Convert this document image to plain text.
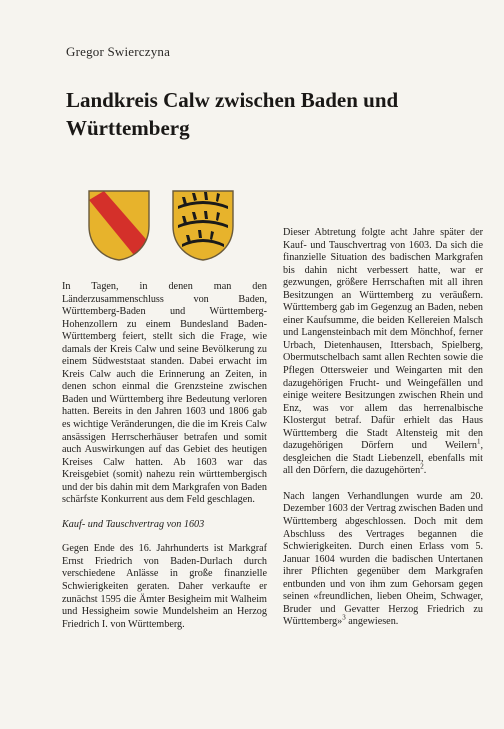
Gregor Swierczyna
Landkreis Calw zwischen Baden und Württemberg

In Tagen, in denen man den Länderzusammenschluss von Baden, Württemberg-Baden und Württemberg-Hohenzollern zu einem Bundesland Baden-Württemberg feiert, stellt sich die Frage, wie damals der Kreis Calw und seine Bevölkerung zu einem Südweststaat standen. Dabei erwacht im Kreis Calw auch die Erinnerung an Zeiten, in denen schon einmal die Grenzsteine zwischen Baden und Württemberg ihre Bedeutung verloren hatten. Bereits in den Jahren 1603 und 1806 gab es wichtige Veränderungen, die die im Kreis Calw ansässigen Herrscherhäuser betrafen und somit auch Auswirkungen auf das Gebiet des heutigen Kreises Calw hatten. Ab 1603 war das Kreisgebiet (somit) nahezu rein württembergisch und der bis dahin mit dem Markgrafen von Baden schärfste Konkurrent aus dem Feld geschlagen.

Kauf- und Tauschvertrag von 1603

Gegen Ende des 16. Jahrhunderts ist Markgraf Ernst Friedrich von Baden-Durlach durch verschiedene Anlässe in große finanzielle Schwierigkeiten geraten. Daher verkaufte er zunächst 1595 die Ämter Besigheim mit Walheim und Hessigheim sowie Mundelsheim an Herzog Friedrich I. von Württemberg.

Dieser Abtretung folgte acht Jahre später der Kauf- und Tauschvertrag von 1603. Da sich die finanzielle Situation des badischen Markgrafen bis dahin nicht verbessert hatte, war er gezwungen, größere Herrschaften mit all ihren Besitzungen an Württemberg zu veräußern. Württemberg gab im Gegenzug an Baden, neben einer Kaufsumme, die beiden Kellereien Malsch und Langensteinbach mit dem Mönchhof, ferner Urbach, Dietenhausen, Ittersbach, Spielberg, Obermutschelbach samt allen Rechten sowie die Pflegen Ottersweier und Weingarten mit den dazugehörigen Frucht- und Weingefällen und einige weitere Besitzungen zwischen Rhein und Enz, was vor allem das herrenalbische Klostergut betraf. Dafür erhielt das Haus Württemberg die Stadt Altensteig mit den dazugehörigen Dörfern und Weilern$^1$, desgleichen die Stadt Liebenzell, ebenfalls mit all den Dörfern, die dazugehörten$^2$.

Nach langen Verhandlungen wurde am 20. Dezember 1603 der Vertrag zwischen Baden und Württemberg abgeschlossen. Doch mit dem Abschluss des Vertrages begannen die Schwierigkeiten. Durch einen Erlass vom 5. Januar 1604 wurden die badischen Untertanen ihrer Pflichten gegenüber dem Markgrafen entbunden und von ihm zum Gehorsam gegen seinen «freundlichen, lieben Oheim, Schwager, Bruder und Gevatter Herzog Friedrich zu Württemberg»$^3$ angewiesen.
